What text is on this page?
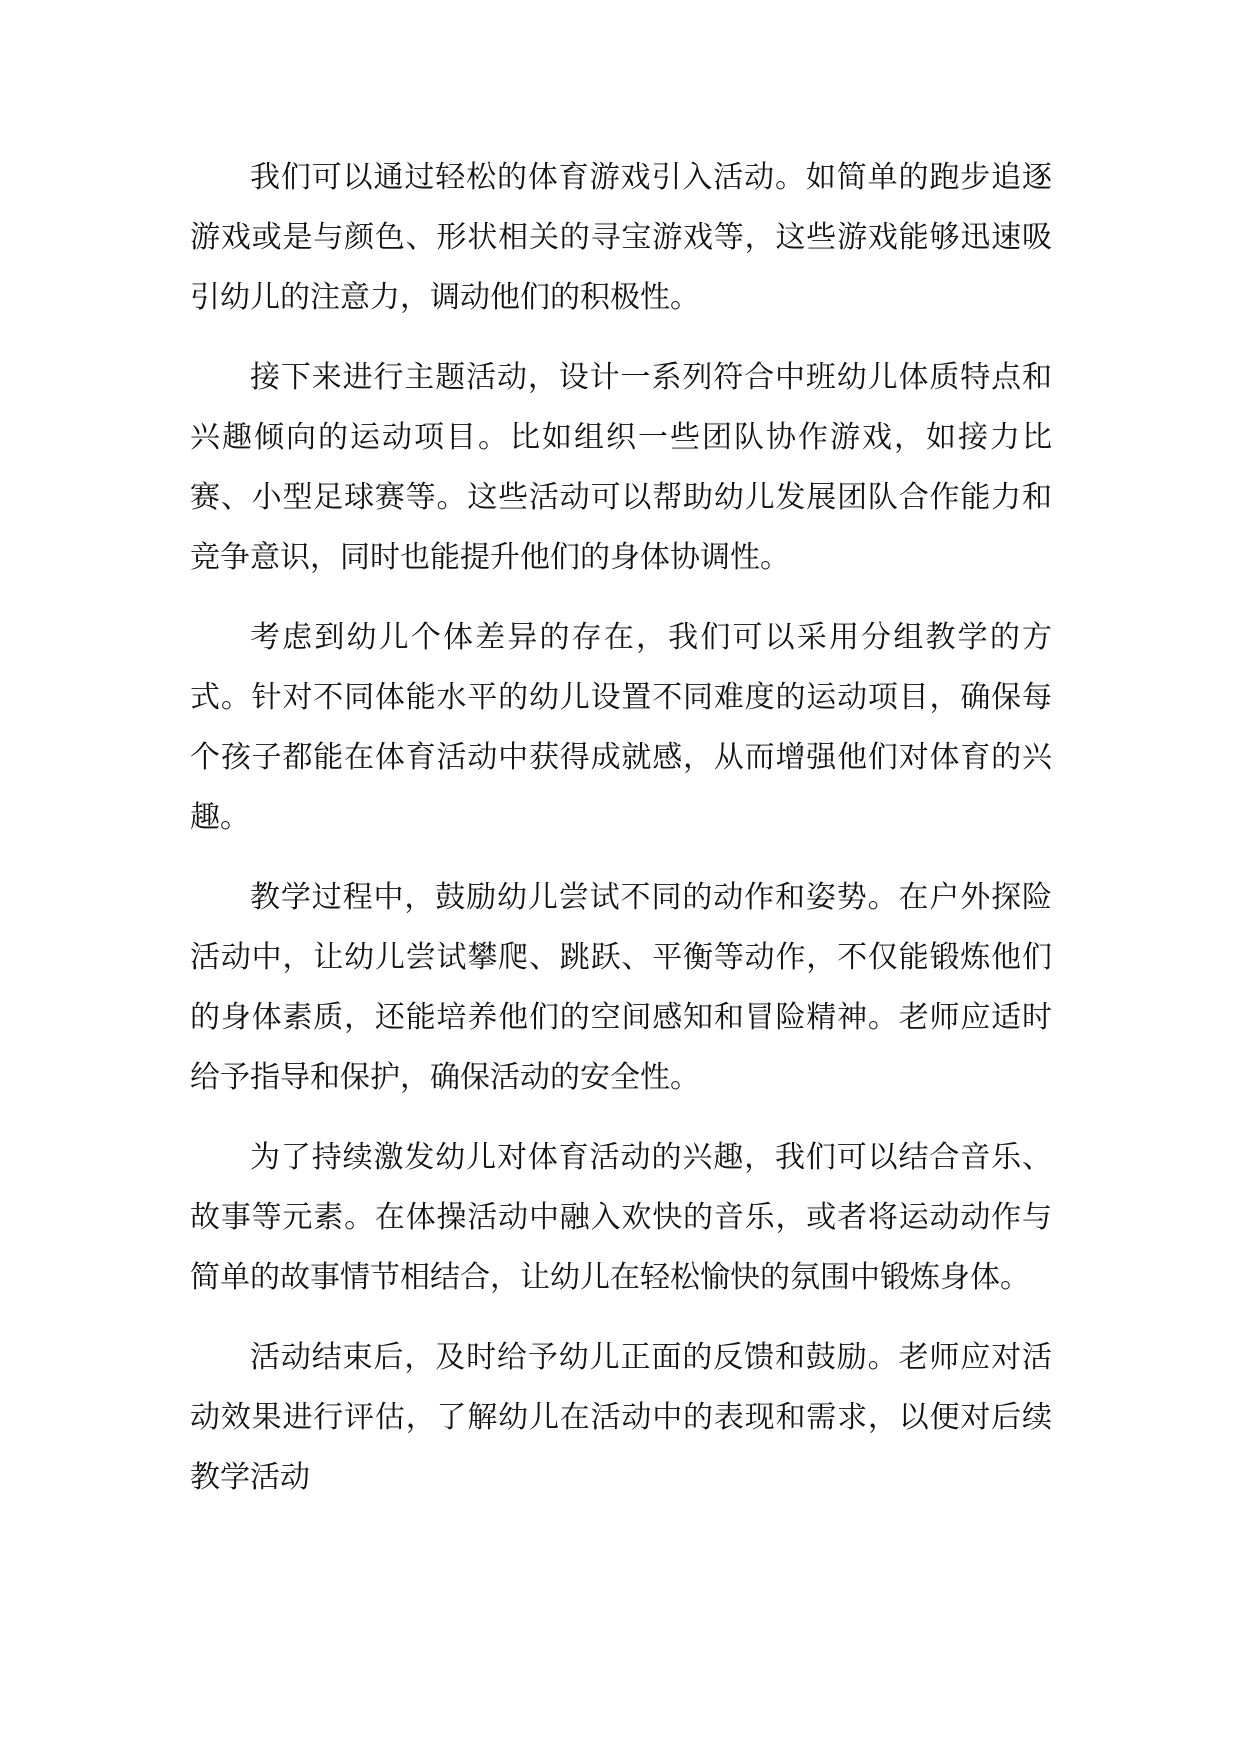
我们可以通过轻松的体育游戏引入活动。如简单的跑步追逐游戏或是与颜色、形状相关的寻宝游戏等，这些游戏能够迅速吸引幼儿的注意力，调动他们的积极性。

接下来进行主题活动，设计一系列符合中班幼儿体质特点和兴趣倾向的运动项目。比如组织一些团队协作游戏，如接力比赛、小型足球赛等。这些活动可以帮助幼儿发展团队合作能力和竞争意识，同时也能提升他们的身体协调性。

考虑到幼儿个体差异的存在，我们可以采用分组教学的方式。针对不同体能水平的幼儿设置不同难度的运动项目，确保每个孩子都能在体育活动中获得成就感，从而增强他们对体育的兴趣。

教学过程中，鼓励幼儿尝试不同的动作和姿势。在户外探险活动中，让幼儿尝试攀爬、跳跃、平衡等动作，不仅能锻炼他们的身体素质，还能培养他们的空间感知和冒险精神。老师应适时给予指导和保护，确保活动的安全性。

为了持续激发幼儿对体育活动的兴趣，我们可以结合音乐、故事等元素。在体操活动中融入欢快的音乐，或者将运动动作与简单的故事情节相结合，让幼儿在轻松愉快的氛围中锻炼身体。

活动结束后，及时给予幼儿正面的反馈和鼓励。老师应对活动效果进行评估，了解幼儿在活动中的表现和需求，以便对后续教学活动
